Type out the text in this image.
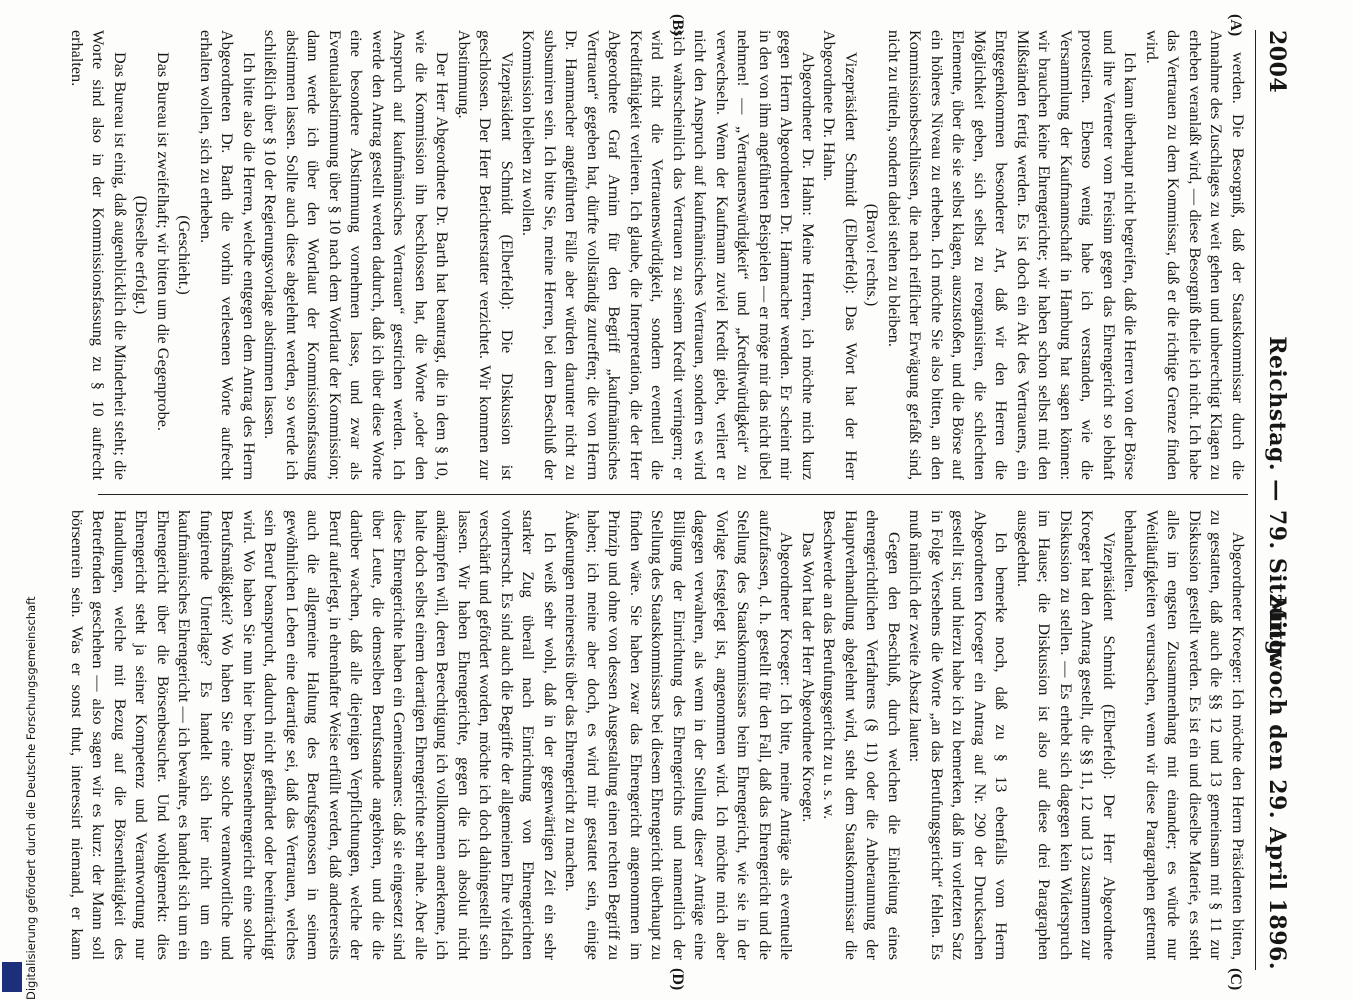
2004
Reichstag. — 79. Sitzung.
Mittwoch den 29. April 1896.
(A)
(B)
(C)
(D)

werden. Die Besorgniß, daß der Staatskommissar durch die Annahme des Zuschlages zu weit gehen und unberechtigt Klagen zu erheben veranlaßt wird, — diese Besorgniß theile ich nicht. Ich habe das Vertrauen zu dem Kommissar, daß er die richtige Grenze finden wird.

Ich kann überhaupt nicht begreifen, daß die Herren von der Börse und ihre Vertreter vom Freisinn gegen das Ehrengericht so lebhaft protestiren. Ebenso wenig habe ich verstanden, wie die Versammlung der Kaufmannschaft in Hamburg hat sagen können: wir brauchen keine Ehrengerichte; wir haben schon selbst mit den Mißständen fertig werden. Es ist doch ein Akt des Vertrauens, ein Entgegenkommen besonderer Art, daß wir den Herren die Möglichkeit geben, sich selbst zu reorganisiren, die schlechten Elemente, über die sie selbst klagen, auszustoßen, und die Börse auf ein höheres Niveau zu erheben. Ich möchte Sie also bitten, an den Kommissionsbeschlüssen, die nach reiflicher Erwägung gefaßt sind, nicht zu rütteln, sondern dabei stehen zu bleiben.

(Bravo! rechts.)

Vizepräsident Schmidt (Elberfeld): Das Wort hat der Herr Abgeordnete Dr. Hahn.

Abgeordneter Dr. Hahn: Meine Herren, ich möchte mich kurz gegen Herrn Abgeordneten Dr. Hammacher wenden. Er scheint mir in den von ihm angeführten Beispielen — er möge mir das nicht übel nehmen! — „Vertrauenswürdigkeit“ und „Kreditwürdigkeit“ zu verwechseln. Wenn der Kaufmann zuviel Kredit giebt, verliert er nicht den Anspruch auf kaufmännisches Vertrauen, sondern es wird sich wahrscheinlich das Vertrauen zu seinem Kredit verringern; er wird nicht die Vertrauenswürdigkeit, sondern eventuell die Kreditfähigkeit verlieren. Ich glaube, die Interpretation, die der Herr Abgeordnete Graf Arnim für den Begriff „kaufmännisches Vertrauen“ gegeben hat, dürfte vollständig zutreffen; die von Herrn Dr. Hammacher angeführten Fälle aber würden darunter nicht zu subsumiren sein. Ich bitte Sie, meine Herren, bei dem Beschluß der Kommission bleiben zu wollen.

Vizepräsident Schmidt (Elberfeld): Die Diskussion ist geschlossen. Der Herr Berichterstatter verzichtet. Wir kommen zur Abstimmung.

Der Herr Abgeordnete Dr. Barth hat beantragt, die in dem § 10, wie die Kommission ihn beschlossen hat, die Worte „oder den Anspruch auf kaufmännisches Vertrauen“ gestrichen werden. Ich werde den Antrag gestellt werden dadurch, daß ich über diese Worte eine besondere Abstimmung vornehmen lasse, und zwar als Eventualabstimmung über § 10 nach dem Wortlaut der Kommission; dann werde ich über den Wortlaut der Kommissionsfassung abstimmen lassen. Sollte auch diese abgelehnt werden, so werde ich schließlich über § 10 der Regierungsvorlage abstimmen lassen.

Ich bitte also die Herren, welche entgegen dem Antrag des Herrn Abgeordneten Dr. Barth die vorhin verlesenen Worte aufrecht erhalten wollen, sich zu erheben.

(Geschieht.)

Das Bureau ist zweifelhaft; wir bitten um die Gegenprobe.

(Dieselbe erfolgt.)

Das Bureau ist einig, daß augenblicklich die Minderheit steht; die Worte sind also in der Kommissionsfassung zu § 10 aufrecht erhalten.

Abgeordneter Kroeger: Ich möchte den Herrn Präsidenten bitten, zu gestatten, daß auch die §§ 12 und 13 gemeinsam mit § 11 zur Diskussion gestellt werden. Es ist ein und dieselbe Materie, es steht alles im engsten Zusammenhang mit einander; es würde nur Weitläufigkeiten verursachen, wenn wir diese Paragraphen getrennt behandelten.

Vizepräsident Schmidt (Elberfeld): Der Herr Abgeordnete Kroeger hat den Antrag gestellt, die §§ 11, 12 und 13 zusammen zur Diskussion zu stellen. — Es erhebt sich dagegen kein Widerspruch im Hause; die Diskussion ist also auf diese drei Paragraphen ausgedehnt.

Ich bemerke noch, daß zu § 13 ebenfalls vom Herrn Abgeordneten Kroeger ein Antrag auf Nr. 290 der Drucksachen gestellt ist; und hierzu habe ich zu bemerken, daß im vorletzten Satz in Folge Versehens die Worte „an das Berufungsgericht“ fehlen. Es muß nämlich der zweite Absatz lauten:

Gegen den Beschluß, durch welchen die Einleitung eines ehrengerichtlichen Verfahrens (§ 11) oder die Anberaumung der Hauptverhandlung abgelehnt wird, steht dem Staatskommissar die Beschwerde an das Berufungsgericht zu u. s. w.

Das Wort hat der Herr Abgeordnete Kroeger.

Abgeordneter Kroeger: Ich bitte, meine Anträge als eventuelle aufzufassen, d. h. gestellt für den Fall, daß das Ehrengericht und die Stellung des Staatskommissars beim Ehrengericht, wie sie in der Vorlage festgelegt ist, angenommen wird. Ich möchte mich aber dagegen verwahren, als wenn in der Stellung dieser Anträge eine Billigung der Einrichtung des Ehrengerichts und namentlich der Stellung des Staatskommissars bei diesem Ehrengericht überhaupt zu finden wäre. Sie haben zwar das Ehrengericht angenommen im Prinzip und ohne von dessen Ausgestaltung einen rechten Begriff zu haben; ich meine aber doch, es wird mir gestattet sein, einige Äußerungen meinerseits über das Ehrengericht zu machen.

Ich weiß sehr wohl, daß in der gegenwärtigen Zeit ein sehr starker Zug überall nach Einrichtung von Ehrengerichten vorherrscht. Es sind auch die Begriffe der allgemeinen Ehre vielfach verschärft und gefördert worden, möchte ich doch dahingestellt sein lassen. Wir haben Ehrengerichte, gegen die ich absolut nicht ankämpfen will, deren Berechtigung ich vollkommen anerkenne, ich halte doch selbst einem derartigen Ehrengerichte sehr nahe. Aber alle diese Ehrengerichte haben ein Gemeinsames: daß sie eingesetzt sind über Leute, die demselben Berufsstande angehören, und die die darüber wachen, daß alle diejenigen Verpflichtungen, welche der Beruf auferlegt, in ehrenhafter Weise erfüllt werden, daß andererseits auch die allgemeine Haltung des Berufsgenossen in seinem gewöhnlichen Leben eine derartige sei, daß das Vertrauen, welches sein Beruf beansprucht, dadurch nicht gefährdet oder beeinträchtigt wird. Wo haben Sie nun hier beim Börsenehrengericht eine solche Berufsmäßigkeit? Wo haben Sie eine solche verantwortliche und fungirende Unterlage? Es handelt sich hier nicht um ein kaufmännisches Ehrengericht — ich bewahre, es handelt sich um ein Ehrengericht über die Börsenbesucher. Und wohlgemerkt: dies Ehrengericht steht ja seiner Kompetenz und Verantwortung nur Handlungen, welche mit Bezug auf die Börsenthätigkeit des Betreffenden geschehen — also sagen wir es kurz: der Mann soll börsenrein sein. Was er sonst thut, interessirt niemand, er kann

Digitalisierung gefördert durch die Deutsche Forschungsgemeinschaft
